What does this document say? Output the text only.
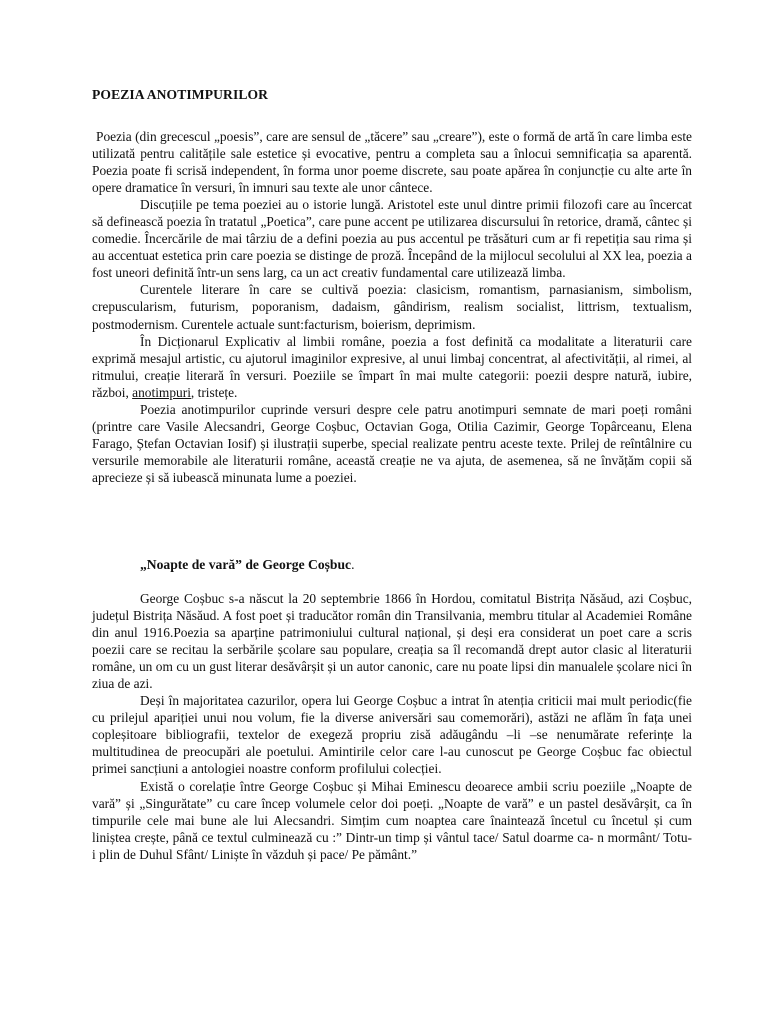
POEZIA ANOTIMPURILOR

Poezia (din grecescul „poesis”, care are sensul de „tăcere” sau „creare”), este o formă de artă în care limba este utilizată pentru calitățile sale estetice și evocative, pentru a completa sau a înlocui semnificația sa aparentă. Poezia poate fi scrisă independent, în forma unor poeme discrete, sau poate apărea în conjuncție cu alte arte în opere dramatice în versuri, în imnuri sau texte ale unor cântece.

Discuțiile pe tema poeziei au o istorie lungă. Aristotel este unul dintre primii filozofi care au încercat să definească poezia în tratatul „Poetica”, care pune accent pe utilizarea discursului în retorice, dramă, cântec și comedie. Încercările de mai târziu de a defini poezia au pus accentul pe trăsături cum ar fi repetiția sau rima și au accentuat estetica prin care poezia se distinge de proză. Începând de la mijlocul secolului al XX lea, poezia a fost uneori definită într-un sens larg, ca un act creativ fundamental care utilizează limba.

Curentele literare în care se cultivă poezia: clasicism, romantism, parnasianism, simbolism, crepuscularism, futurism, poporanism, dadaism, gândirism, realism socialist, littrism, textualism, postmodernism. Curentele actuale sunt:facturism, boierism, deprimism.

În Dicționarul Explicativ al limbii române, poezia a fost definită ca modalitate a literaturii care exprimă mesajul artistic, cu ajutorul imaginilor expresive, al unui limbaj concentrat, al afectivității, al rimei, al ritmului, creație literară în versuri. Poeziile se împart în mai multe categorii: poezii despre natură, iubire, război, anotimpuri, tristețe.

Poezia anotimpurilor cuprinde versuri despre cele patru anotimpuri semnate de mari poeți români (printre care Vasile Alecsandri, George Coșbuc, Octavian Goga, Otilia Cazimir, George Topârceanu, Elena Farago, Ștefan Octavian Iosif) și ilustrații superbe, special realizate pentru aceste texte. Prilej de reîntâlnire cu versurile memorabile ale literaturii române, această creație ne va ajuta, de asemenea, să ne învățăm copii să aprecieze și să iubească minunata lume a poeziei.

„Noapte de vară” de George Coșbuc.

George Coșbuc s-a născut la 20 septembrie 1866 în Hordou, comitatul Bistrița Năsăud, azi Coșbuc, județul Bistrița Năsăud. A fost poet și traducător român din Transilvania, membru titular al Academiei Române din anul 1916.Poezia sa aparține patrimoniului cultural național, și deși era considerat un poet care a scris poezii care se recitau la serbările școlare sau populare, creația sa îl recomandă drept autor clasic al literaturii române, un om cu un gust literar desăvârșit și un autor canonic, care nu poate lipsi din manualele școlare nici în ziua de azi.

Deși în majoritatea cazurilor, opera lui George Coșbuc a intrat în atenția criticii mai mult periodic(fie cu prilejul apariției unui nou volum, fie la diverse aniversări sau comemorări), astăzi ne aflăm în fața unei copleșitoare bibliografii, textelor de exegeză propriu zisă adăugându –li –se nenumărate referințe la multitudinea de preocupări ale poetului. Amintirile celor care l-au cunoscut pe George Coșbuc fac obiectul primei sancțiuni a antologiei noastre conform profilului colecției.

Există o corelație între George Coșbuc și Mihai Eminescu deoarece ambii scriu poeziile „Noapte de vară” și „Singurătate” cu care încep volumele celor doi poeți. „Noapte de vară” e un pastel desăvârșit, ca în timpurile cele mai bune ale lui Alecsandri. Simțim cum noaptea care înaintează încetul cu încetul și cum liniștea crește, până ce textul culminează cu :” Dintr-un timp și vântul tace/ Satul doarme ca- n mormânt/ Totu- i plin de Duhul Sfânt/ Liniște în văzduh și pace/ Pe pământ.”
